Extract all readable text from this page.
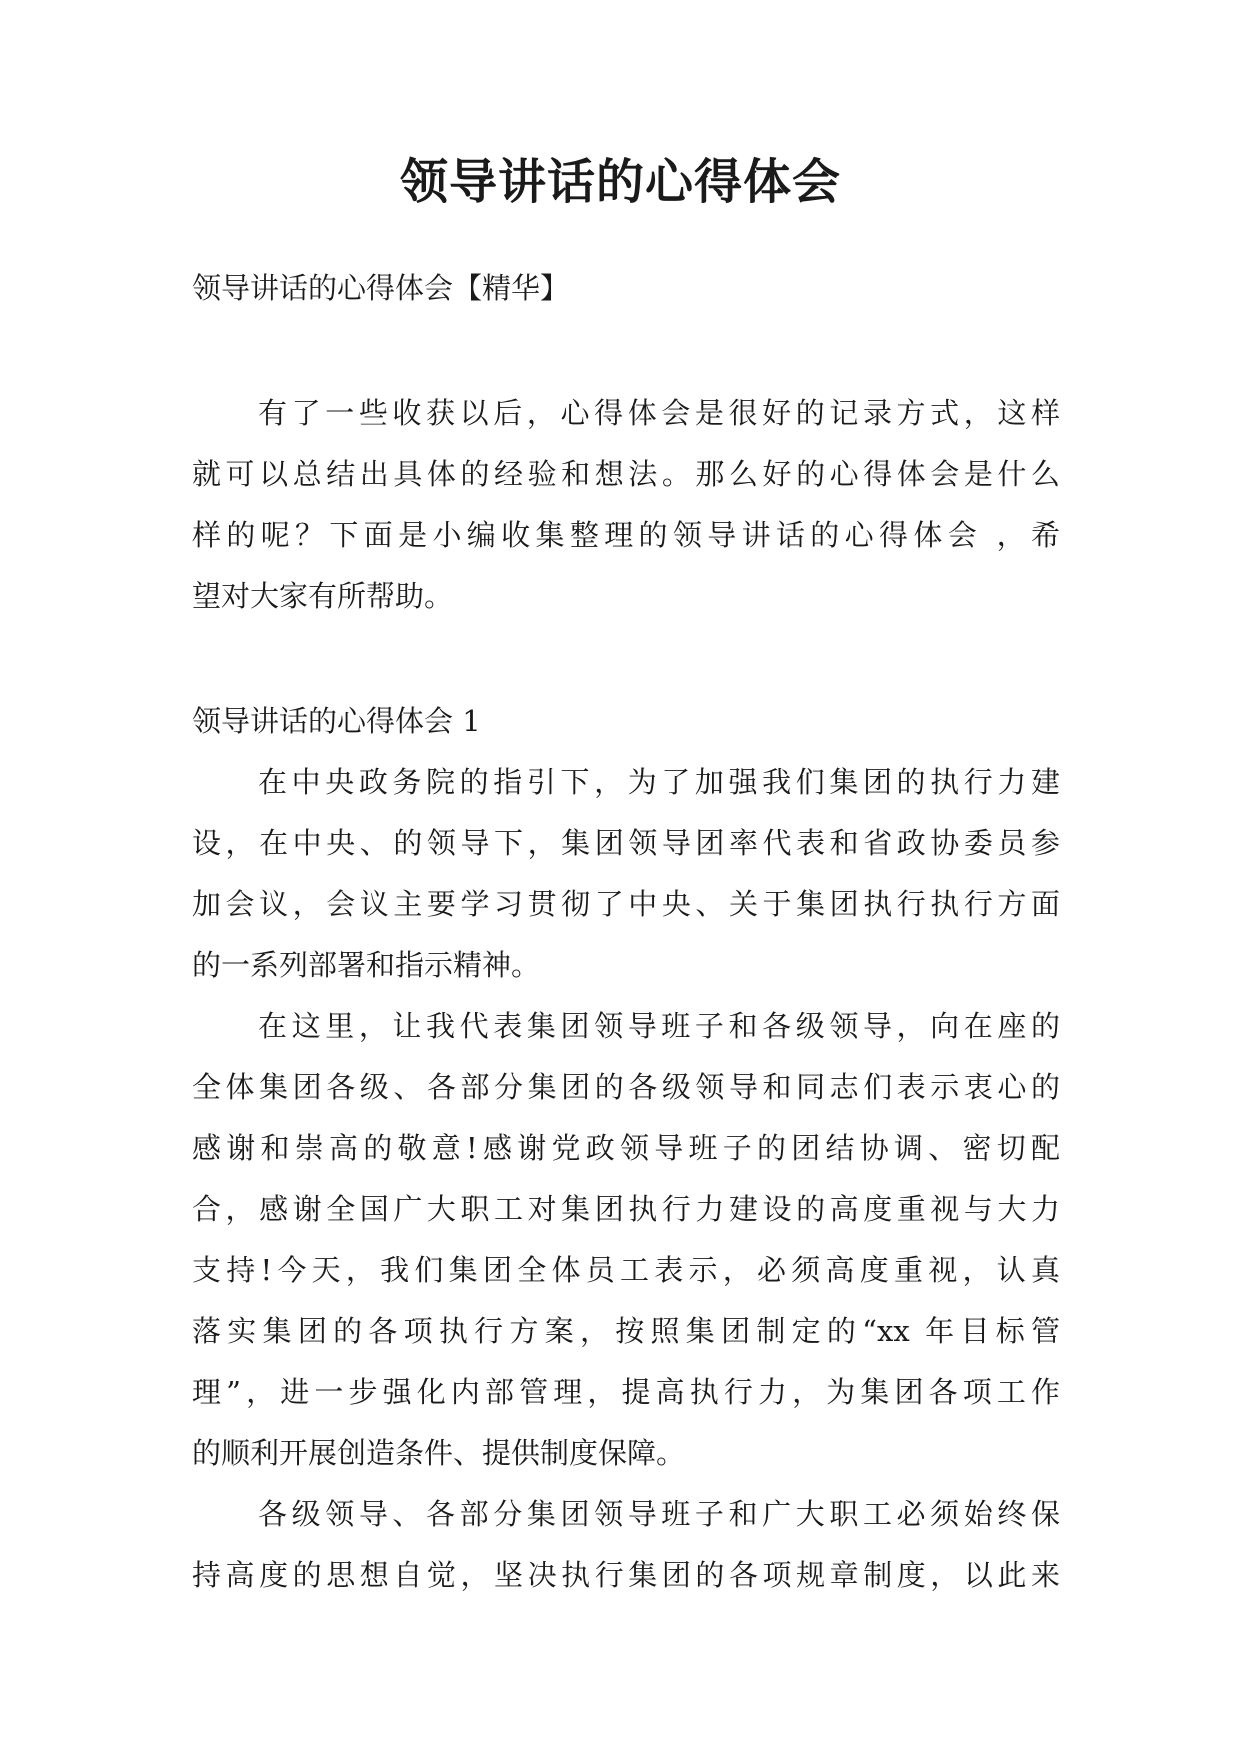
领导讲话的心得体会

领导讲话的心得体会【精华】

有了一些收获以后，心得体会是很好的记录方式，这样

就可以总结出具体的经验和想法。那么好的心得体会是什么

样的呢？下面是小编收集整理的领导讲话的心得体会 ，希

望对大家有所帮助。

领导讲话的心得体会 1

在中央政务院的指引下，为了加强我们集团的执行力建

设，在中央、的领导下，集团领导团率代表和省政协委员参

加会议，会议主要学习贯彻了中央、关于集团执行执行方面

的一系列部署和指示精神。

在这里，让我代表集团领导班子和各级领导，向在座的

全体集团各级、各部分集团的各级领导和同志们表示衷心的

感谢和崇高的敬意!感谢党政领导班子的团结协调、密切配

合，感谢全国广大职工对集团执行力建设的高度重视与大力

支持!今天，我们集团全体员工表示，必须高度重视，认真

落实集团的各项执行方案，按照集团制定的“xx 年目标管

理”，进一步强化内部管理，提高执行力，为集团各项工作

的顺利开展创造条件、提供制度保障。

各级领导、各部分集团领导班子和广大职工必须始终保

持高度的思想自觉，坚决执行集团的各项规章制度，以此来
